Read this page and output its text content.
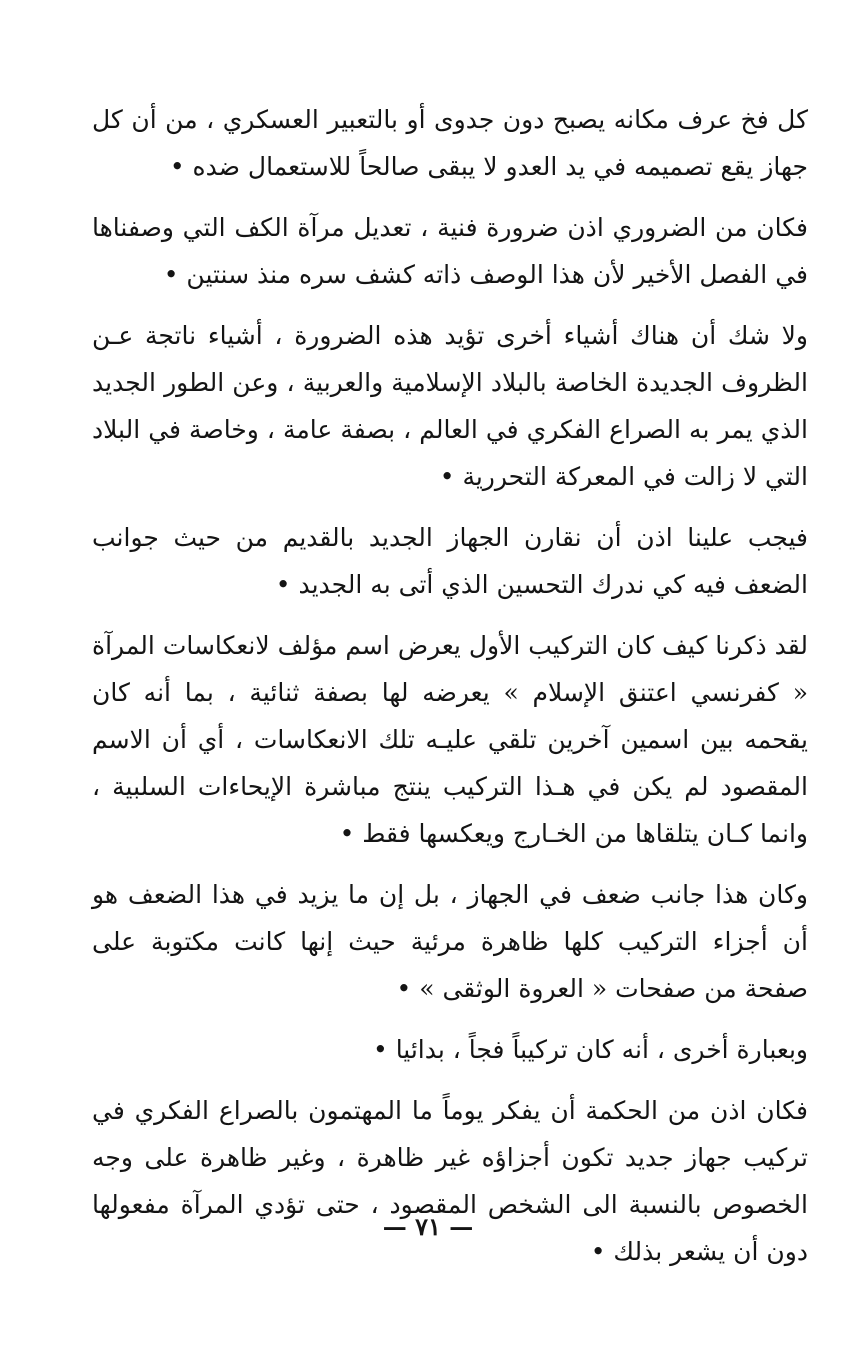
كل فخ عرف مكانه يصبح دون جدوى أو بالتعبير العسكري ، من أن كل جهاز يقع تصميمه في يد العدو لا يبقى صالحاً للاستعمال ضده •

فكان من الضروري اذن ضرورة فنية ، تعديل مرآة الكف التي وصفناها في الفصل الأخير لأن هذا الوصف ذاته كشف سره منذ سنتين •

ولا شك أن هناك أشياء أخرى تؤيد هذه الضرورة ، أشياء ناتجة عـن الظروف الجديدة الخاصة بالبلاد الإسلامية والعربية ، وعن الطور الجديد الذي يمر به الصراع الفكري في العالم ، بصفة عامة ، وخاصة في البلاد التي لا زالت في المعركة التحررية •

فيجب علينا اذن أن نقارن الجهاز الجديد بالقديم من حيث جوانب الضعف فيه كي ندرك التحسين الذي أتى به الجديد •

لقد ذكرنا كيف كان التركيب الأول يعرض اسم مؤلف لانعكاسات المرآة « كفرنسي اعتنق الإسلام » يعرضه لها بصفة ثنائية ، بما أنه كان يقحمه بين اسمين آخرين تلقي عليـه تلك الانعكاسات ، أي أن الاسم المقصود لم يكن في هـذا التركيب ينتج مباشرة الإيحاءات السلبية ، وانما كـان يتلقاها من الخـارج ويعكسها فقط •

وكان هذا جانب ضعف في الجهاز ، بل إن ما يزيد في هذا الضعف هو أن أجزاء التركيب كلها ظاهرة مرئية حيث إنها كانت مكتوبة على صفحة من صفحات « العروة الوثقى » •

وبعبارة أخرى ، أنه كان تركيباً فجاً ، بدائيا •

فكان اذن من الحكمة أن يفكر يوماً ما المهتمون بالصراع الفكري في تركيب جهاز جديد تكون أجزاؤه غير ظاهرة ، وغير ظاهرة على وجه الخصوص بالنسبة الى الشخص المقصود ، حتى تؤدي المرآة مفعولها دون أن يشعر بذلك •

— ٧١ —
